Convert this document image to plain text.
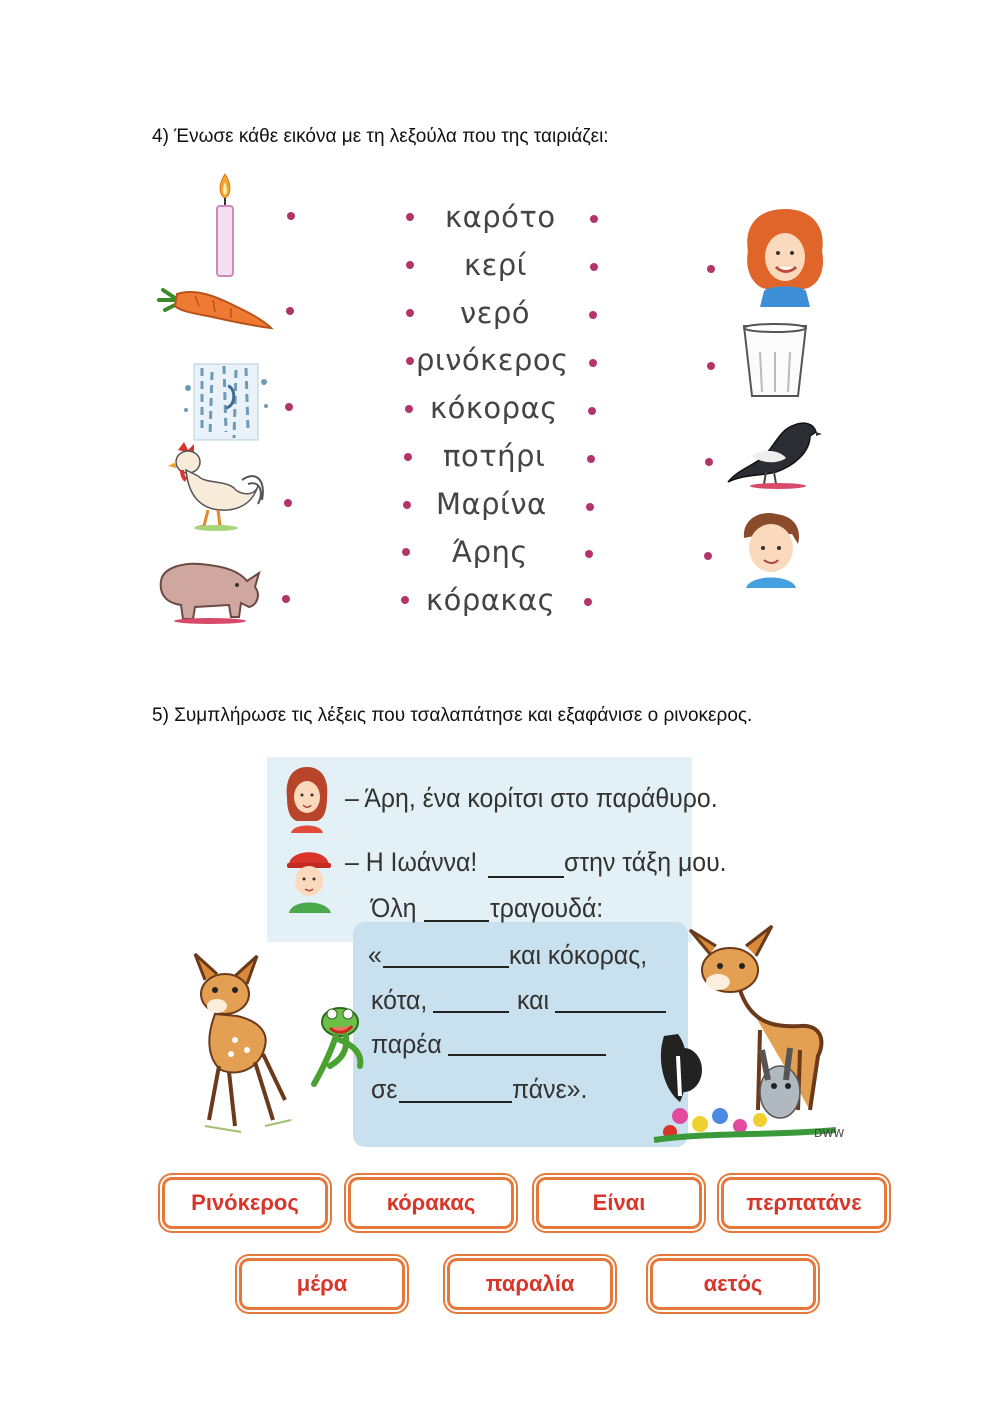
4) Ένωσε κάθε εικόνα με τη λεξούλα που της ταιριάζει:
καρότο
κερί
νερό
ρινόκερος
κόκορας
ποτήρι
Μαρίνα
Άρης
κόρακας
5) Συμπλήρωσε τις λέξεις που τσαλαπάτησε και εξαφάνισε ο ρινοκερος.
– Άρη, ένα κορίτσι στο παράθυρο.
– Η Ιωάννα!	στην τάξη μου.
Όλη	τραγουδά:
«	και κόκορας,
κότα,	και
παρέα
σε	πάνε».
DWW
Ρινόκερος	κόρακας	Είναι	περπατάνε
μέρα	παραλία	αετός
